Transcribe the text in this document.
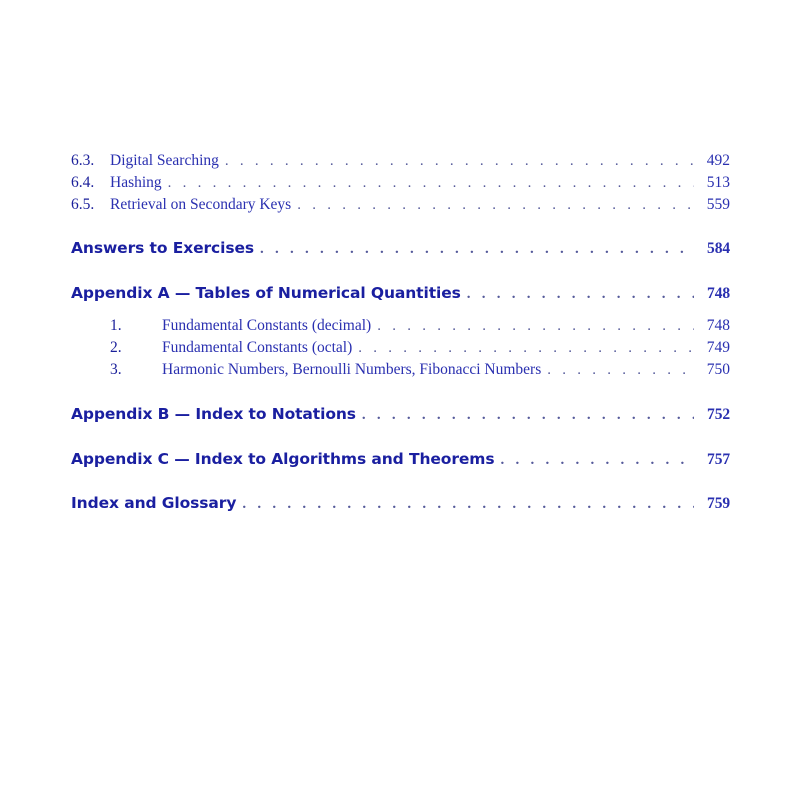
6.3.	Digital Searching . . .	492
6.4.	Hashing . . .	513
6.5.	Retrieval on Secondary Keys . . .	559
Answers to Exercises . . .	584
Appendix A — Tables of Numerical Quantities . . .	748
1.	Fundamental Constants (decimal) . . .	748
2.	Fundamental Constants (octal) . . .	749
3.	Harmonic Numbers, Bernoulli Numbers, Fibonacci Numbers . . .	750
Appendix B — Index to Notations . . .	752
Appendix C — Index to Algorithms and Theorems . . .	757
Index and Glossary . . .	759
